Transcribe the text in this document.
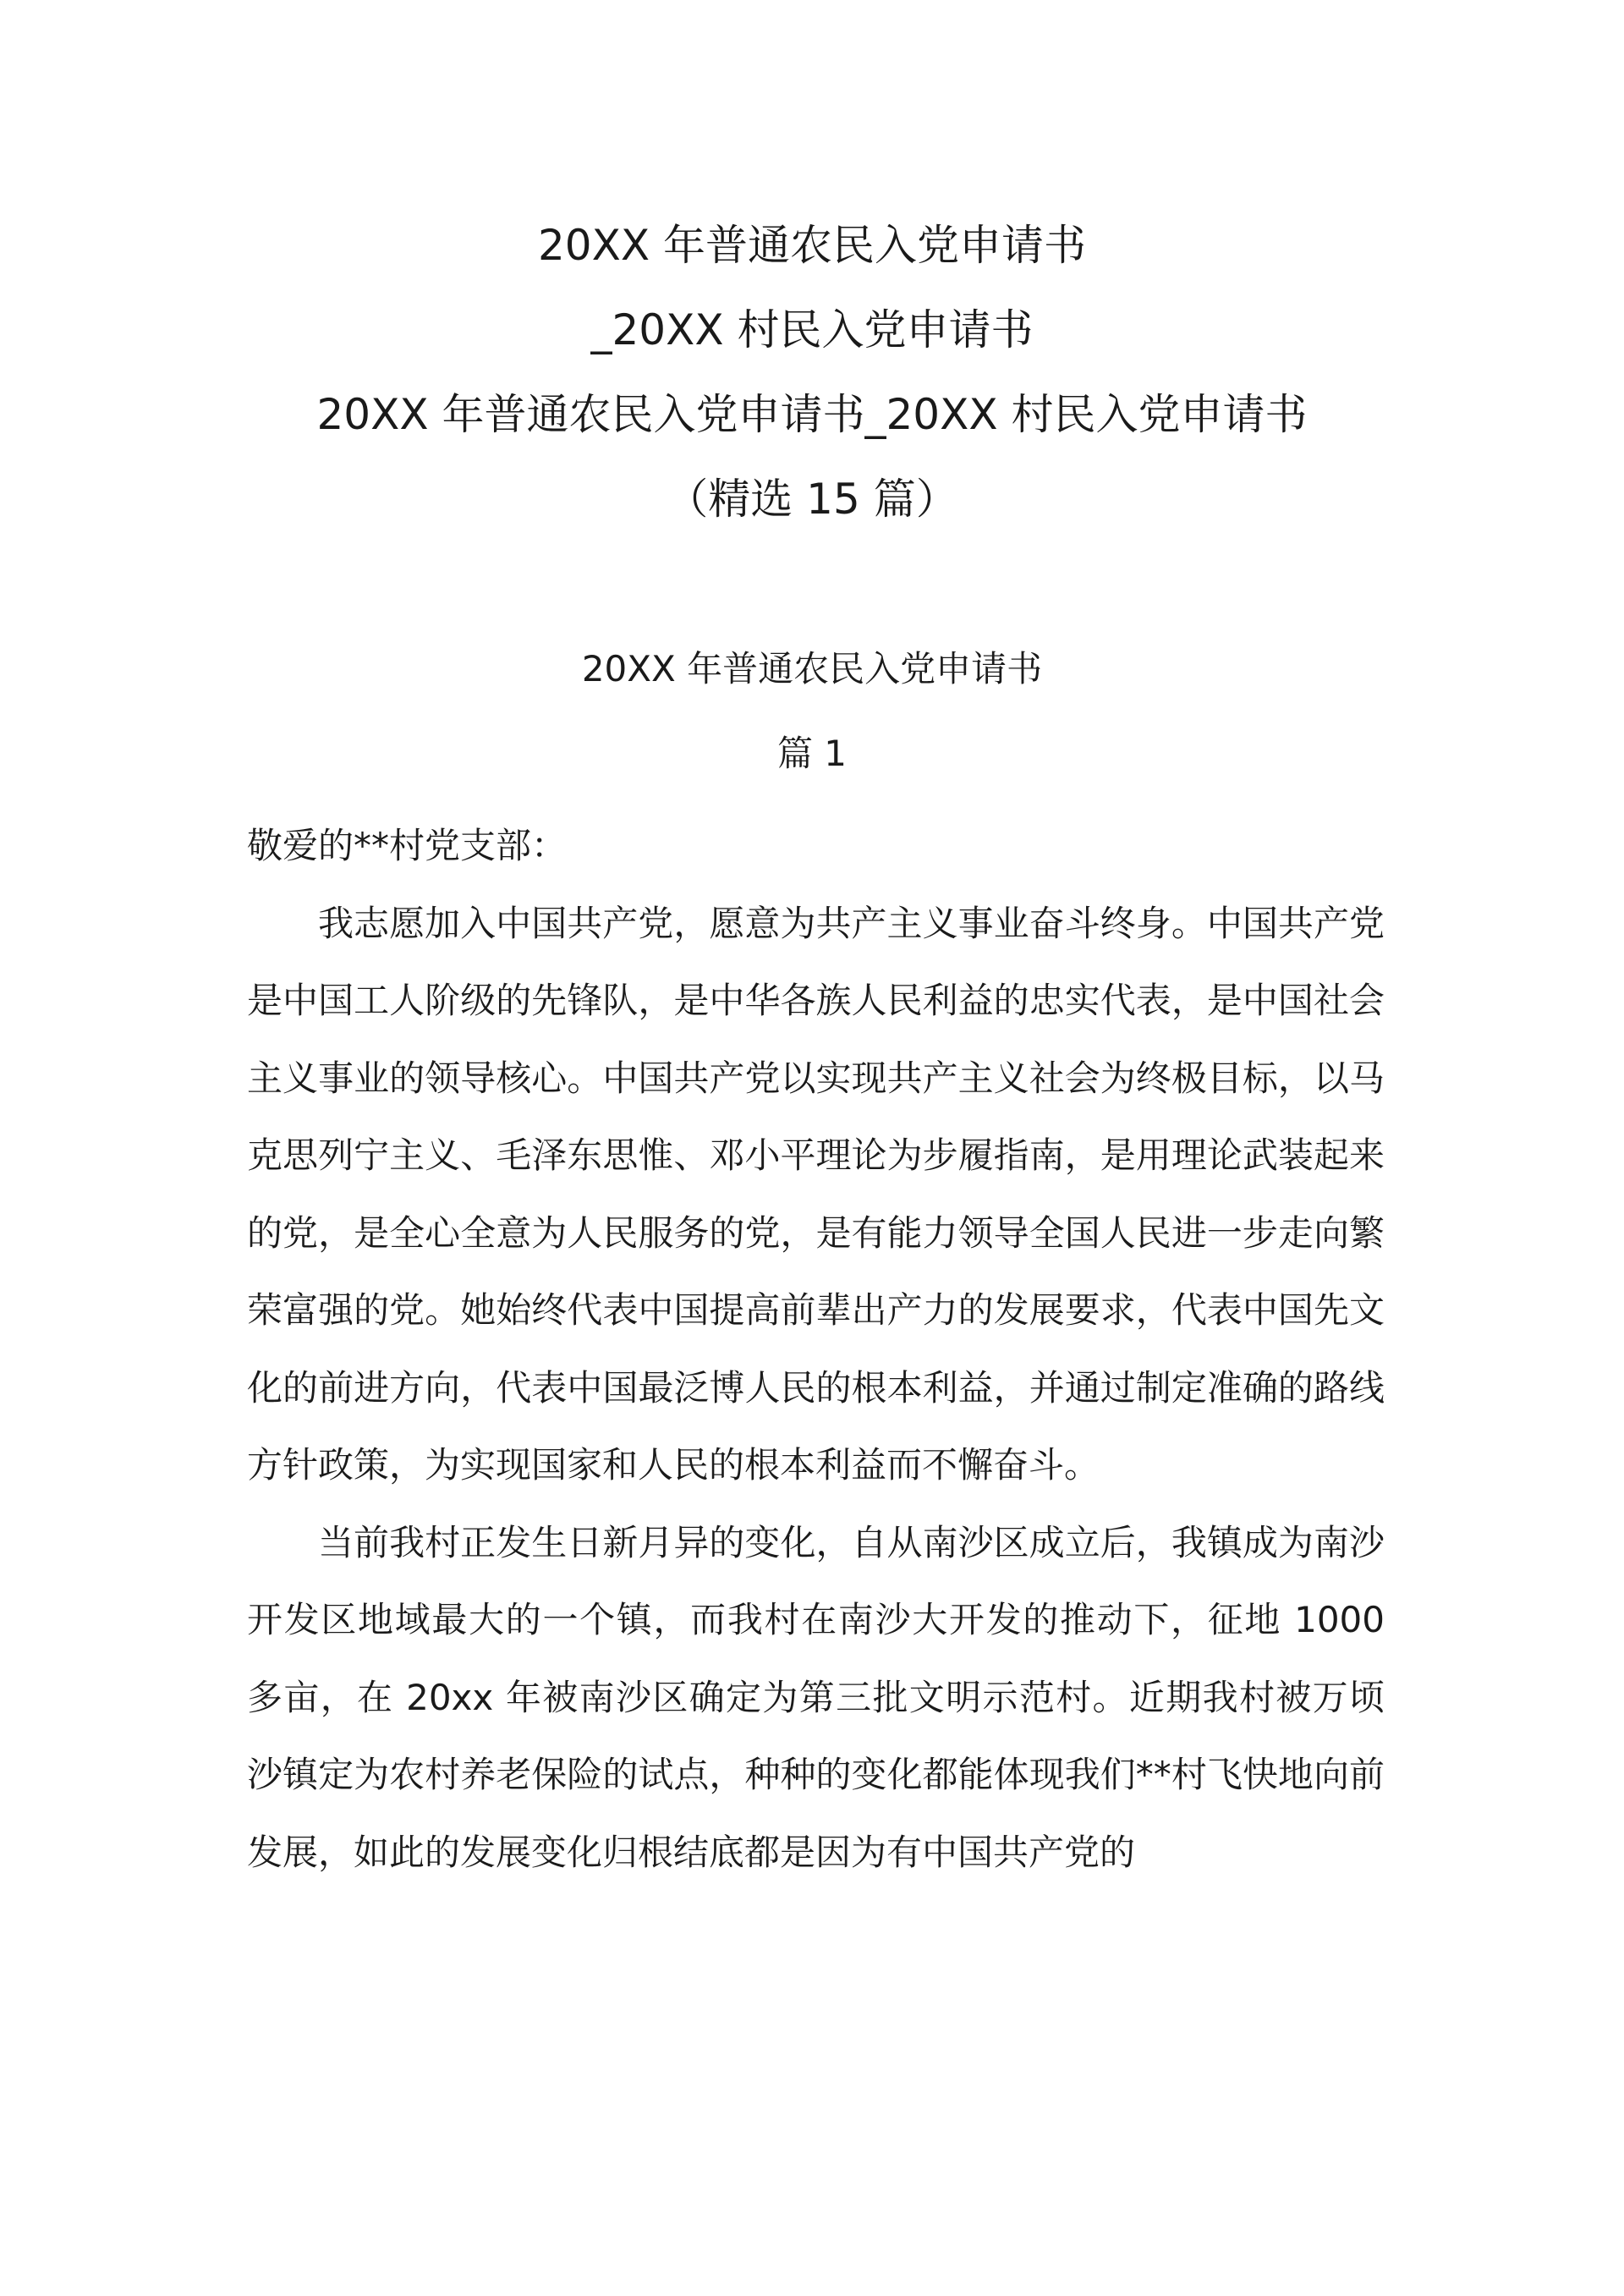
20XX 年普通农民入党申请书
_20XX 村民入党申请书
20XX 年普通农民入党申请书_20XX 村民入党申请书
（精选 15 篇）
20XX 年普通农民入党申请书
篇 1

敬爱的**村党支部：

我志愿加入中国共产党，愿意为共产主义事业奋斗终身。中国共产党是中国工人阶级的先锋队，是中华各族人民利益的忠实代表，是中国社会主义事业的领导核心。中国共产党以实现共产主义社会为终极目标，以马克思列宁主义、毛泽东思惟、邓小平理论为步履指南，是用理论武装起来的党，是全心全意为人民服务的党，是有能力领导全国人民进一步走向繁荣富强的党。她始终代表中国提高前辈出产力的发展要求，代表中国先文化的前进方向，代表中国最泛博人民的根本利益，并通过制定准确的路线方针政策，为实现国家和人民的根本利益而不懈奋斗。

当前我村正发生日新月异的变化，自从南沙区成立后，我镇成为南沙开发区地域最大的一个镇，而我村在南沙大开发的推动下，征地 1000 多亩，在 20xx 年被南沙区确定为第三批文明示范村。近期我村被万顷沙镇定为农村养老保险的试点，种种的变化都能体现我们**村飞快地向前发展，如此的发展变化归根结底都是因为有中国共产党的
